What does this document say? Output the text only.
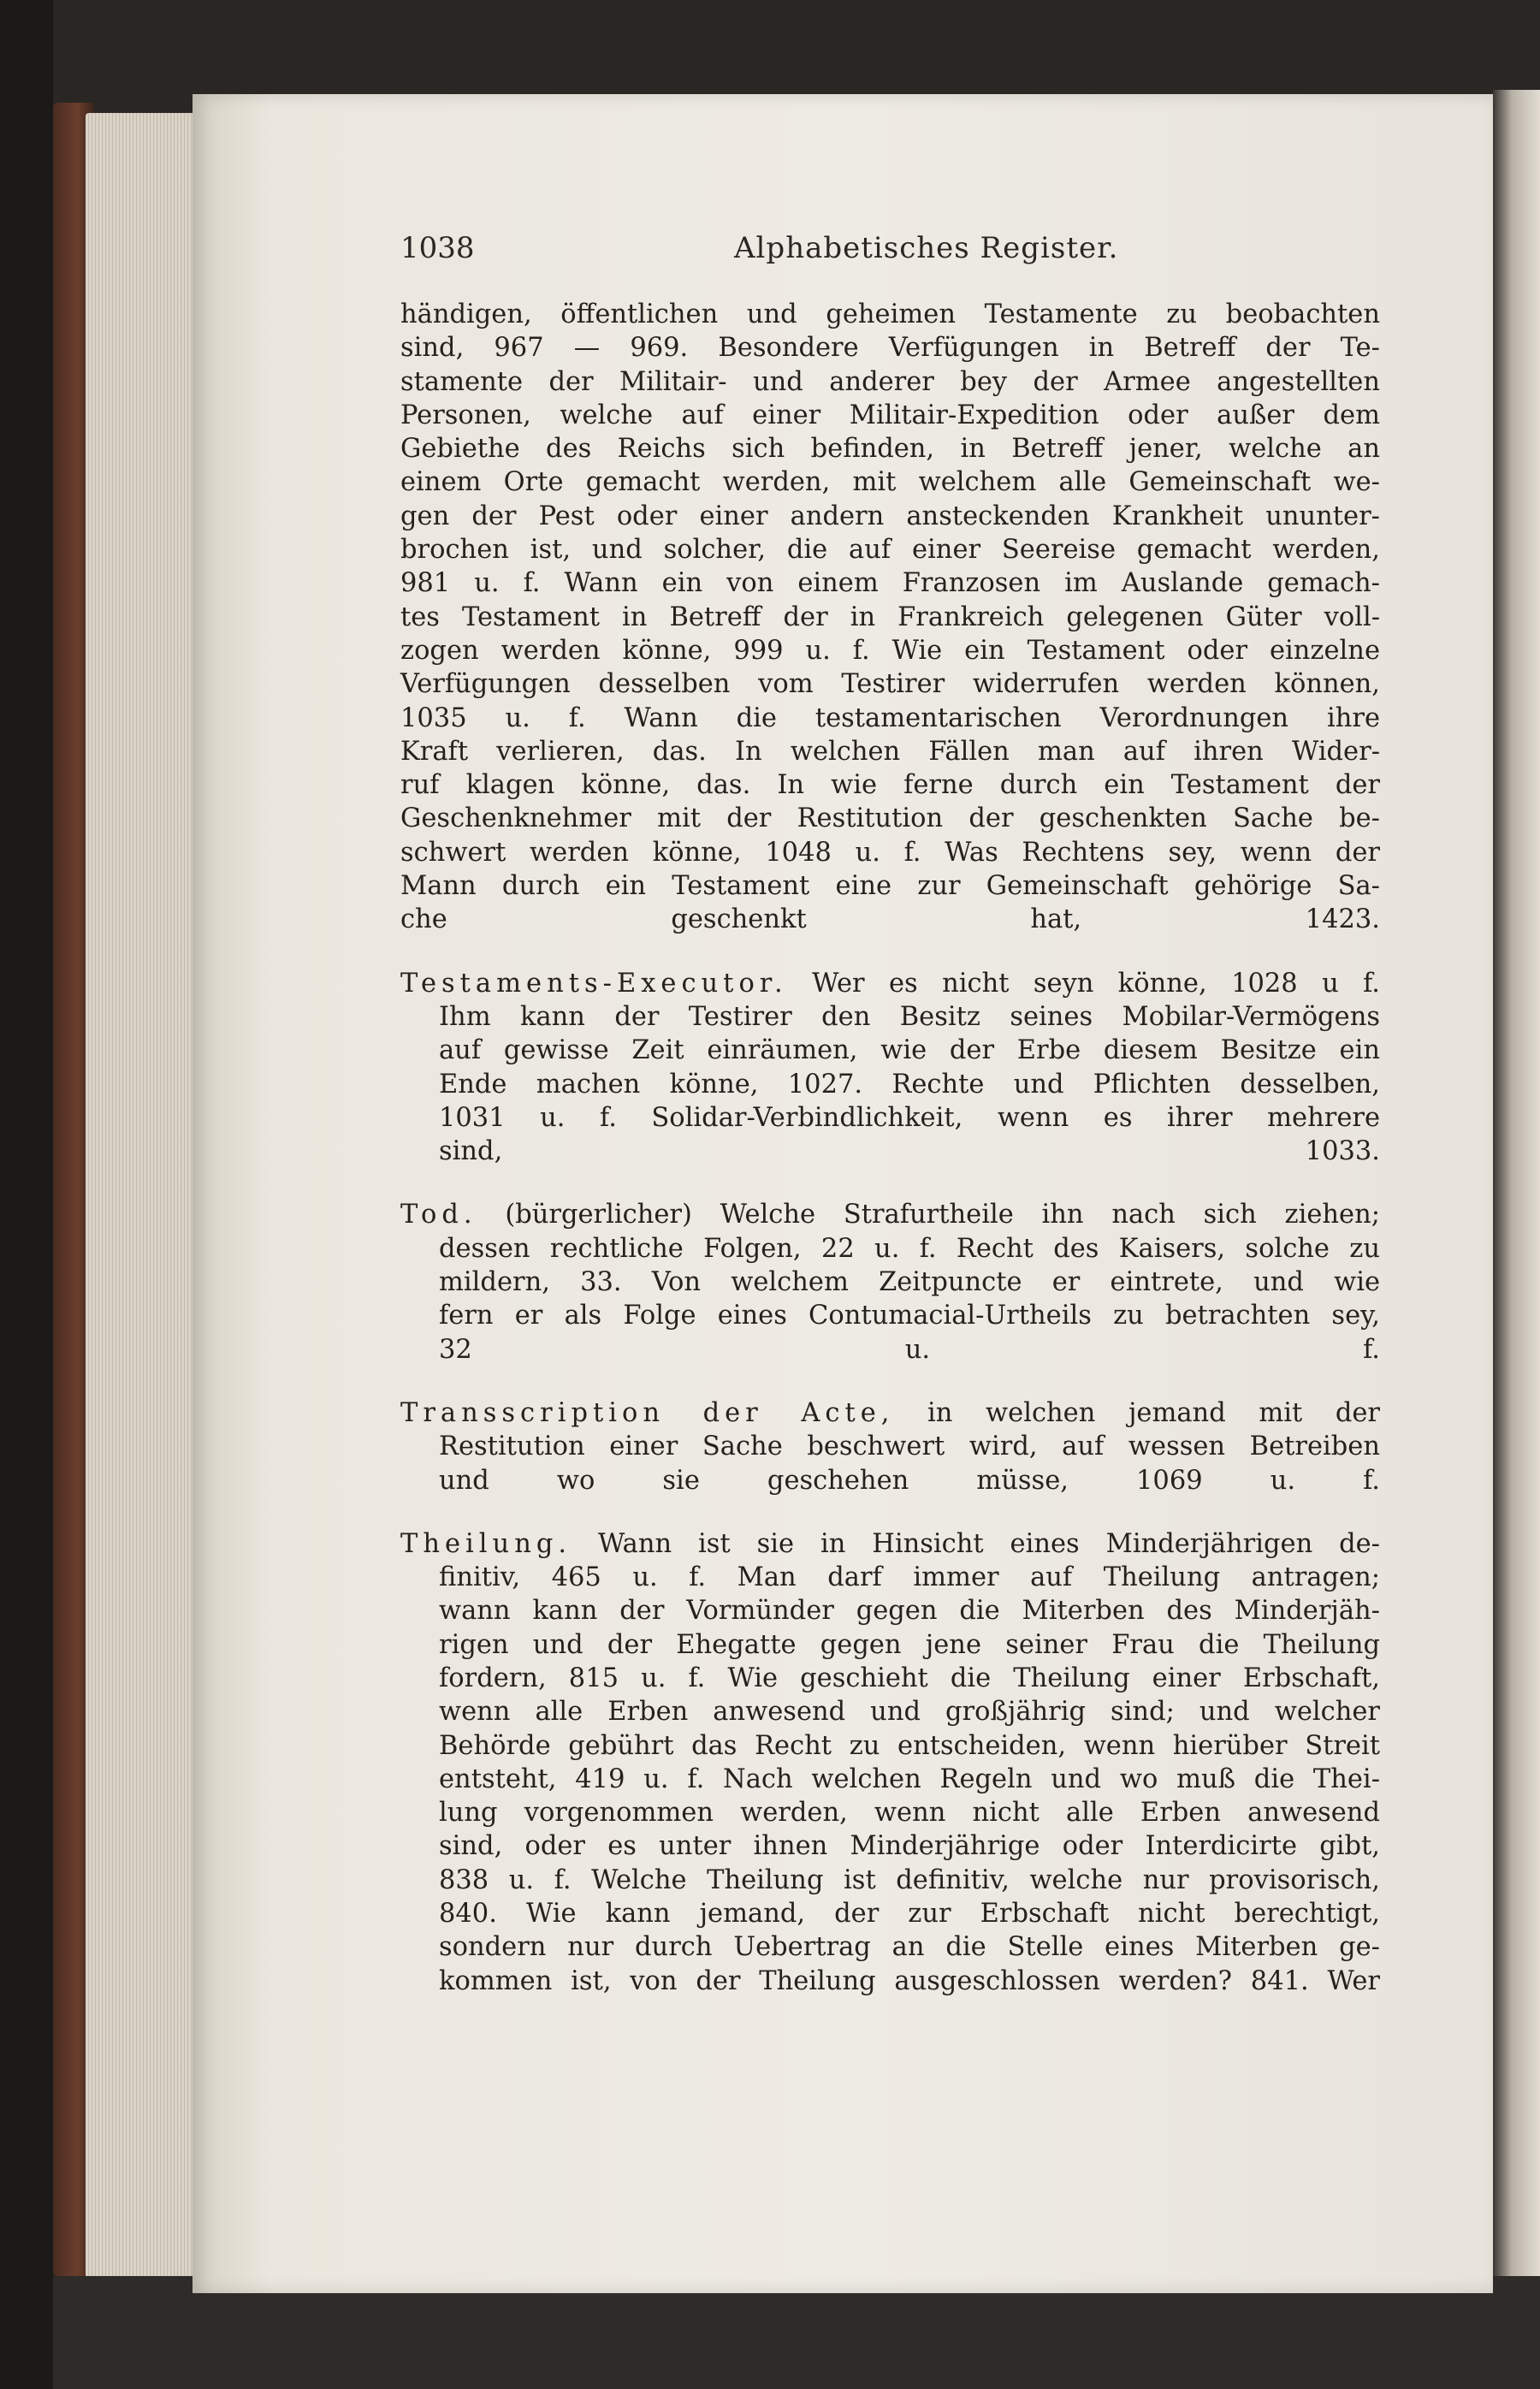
1038	Alphabetisches Register.
händigen, öffentlichen und geheimen Testamente zu beobachten
sind, 967 — 969. Besondere Verfügungen in Betreff der Te-
stamente der Militair- und anderer bey der Armee angestellten
Personen, welche auf einer Militair-Expedition oder außer dem
Gebiethe des Reichs sich befinden, in Betreff jener, welche an
einem Orte gemacht werden, mit welchem alle Gemeinschaft we-
gen der Pest oder einer andern ansteckenden Krankheit ununter-
brochen ist, und solcher, die auf einer Seereise gemacht werden,
981 u. f. Wann ein von einem Franzosen im Auslande gemach-
tes Testament in Betreff der in Frankreich gelegenen Güter voll-
zogen werden könne, 999 u. f. Wie ein Testament oder einzelne
Verfügungen desselben vom Testirer widerrufen werden können,
1035 u. f. Wann die testamentarischen Verordnungen ihre
Kraft verlieren, das. In welchen Fällen man auf ihren Wider-
ruf klagen könne, das. In wie ferne durch ein Testament der
Geschenknehmer mit der Restitution der geschenkten Sache be-
schwert werden könne, 1048 u. f. Was Rechtens sey, wenn der
Mann durch ein Testament eine zur Gemeinschaft gehörige Sa-
che geschenkt hat, 1423.
Testaments-Executor. Wer es nicht seyn könne, 1028 u f.
Ihm kann der Testirer den Besitz seines Mobilar-Vermögens
auf gewisse Zeit einräumen, wie der Erbe diesem Besitze ein
Ende machen könne, 1027. Rechte und Pflichten desselben,
1031 u. f. Solidar-Verbindlichkeit, wenn es ihrer mehrere
sind, 1033.
Tod. (bürgerlicher) Welche Strafurtheile ihn nach sich ziehen;
dessen rechtliche Folgen, 22 u. f. Recht des Kaisers, solche zu
mildern, 33. Von welchem Zeitpuncte er eintrete, und wie
fern er als Folge eines Contumacial-Urtheils zu betrachten sey,
32 u. f.
Transscription der Acte, in welchen jemand mit der
Restitution einer Sache beschwert wird, auf wessen Betreiben
und wo sie geschehen müsse, 1069 u. f.
Theilung. Wann ist sie in Hinsicht eines Minderjährigen de-
finitiv, 465 u. f. Man darf immer auf Theilung antragen;
wann kann der Vormünder gegen die Miterben des Minderjäh-
rigen und der Ehegatte gegen jene seiner Frau die Theilung
fordern, 815 u. f. Wie geschieht die Theilung einer Erbschaft,
wenn alle Erben anwesend und großjährig sind; und welcher
Behörde gebührt das Recht zu entscheiden, wenn hierüber Streit
entsteht, 419 u. f. Nach welchen Regeln und wo muß die Thei-
lung vorgenommen werden, wenn nicht alle Erben anwesend
sind, oder es unter ihnen Minderjährige oder Interdicirte gibt,
838 u. f. Welche Theilung ist definitiv, welche nur provisorisch,
840. Wie kann jemand, der zur Erbschaft nicht berechtigt,
sondern nur durch Uebertrag an die Stelle eines Miterben ge-
kommen ist, von der Theilung ausgeschlossen werden? 841. Wer
